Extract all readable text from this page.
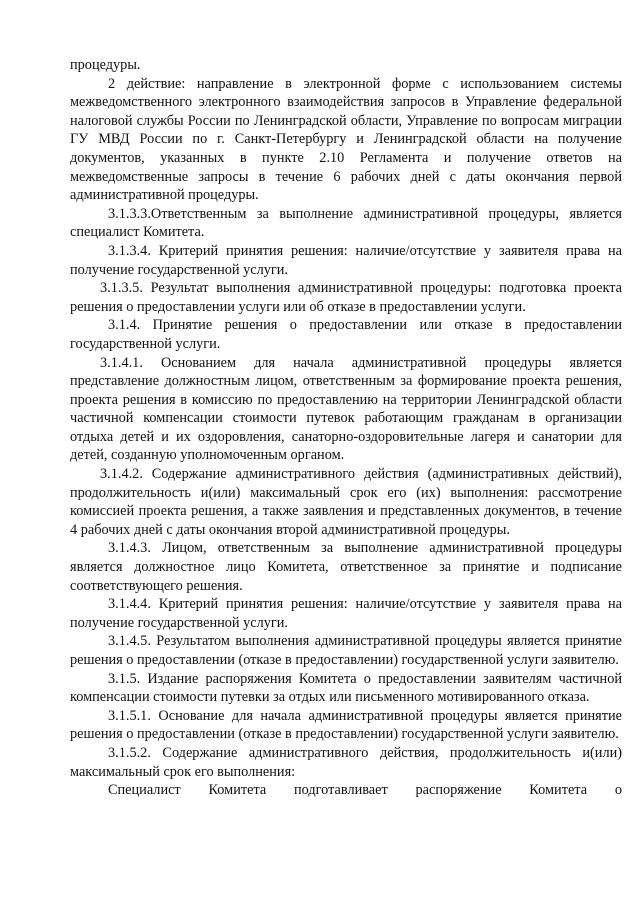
процедуры.

2 действие: направление в электронной форме с использованием системы межведомственного электронного взаимодействия запросов в Управление федеральной налоговой службы России по Ленинградской области, Управление по вопросам миграции ГУ МВД России по г. Санкт-Петербургу и Ленинградской области на получение документов, указанных в пункте 2.10 Регламента и получение ответов на межведомственные запросы в течение 6 рабочих дней с даты окончания первой административной процедуры.

3.1.3.3.Ответственным за выполнение административной процедуры, является специалист Комитета.

3.1.3.4. Критерий принятия решения: наличие/отсутствие у заявителя права на получение государственной услуги.

3.1.3.5. Результат выполнения административной процедуры: подготовка проекта решения о предоставлении услуги или об отказе в предоставлении услуги.

3.1.4. Принятие решения о предоставлении или отказе в предоставлении государственной услуги.

3.1.4.1. Основанием для начала административной процедуры является представление должностным лицом, ответственным за формирование проекта решения, проекта решения в комиссию по предоставлению на территории Ленинградской области частичной компенсации стоимости путевок работающим гражданам в организации отдыха детей и их оздоровления, санаторно-оздоровительные лагеря и санатории для детей, созданную уполномоченным органом.

3.1.4.2. Содержание административного действия (административных действий), продолжительность и(или) максимальный срок его (их) выполнения: рассмотрение комиссией проекта решения, а также заявления и представленных документов, в течение 4 рабочих дней с даты окончания второй административной процедуры.

3.1.4.3. Лицом, ответственным за выполнение административной процедуры является должностное лицо Комитета, ответственное за принятие и подписание соответствующего решения.

3.1.4.4. Критерий принятия решения: наличие/отсутствие у заявителя права на получение государственной услуги.

3.1.4.5. Результатом выполнения административной процедуры является принятие решения о предоставлении (отказе в предоставлении) государственной услуги заявителю.

3.1.5. Издание распоряжения Комитета о предоставлении заявителям частичной компенсации стоимости путевки за отдых или письменного мотивированного отказа.

3.1.5.1. Основание для начала административной процедуры является принятие решения о предоставлении (отказе в предоставлении) государственной услуги заявителю.

3.1.5.2. Содержание административного действия, продолжительность и(или) максимальный срок его выполнения:

Специалист Комитета подготавливает распоряжение Комитета о
